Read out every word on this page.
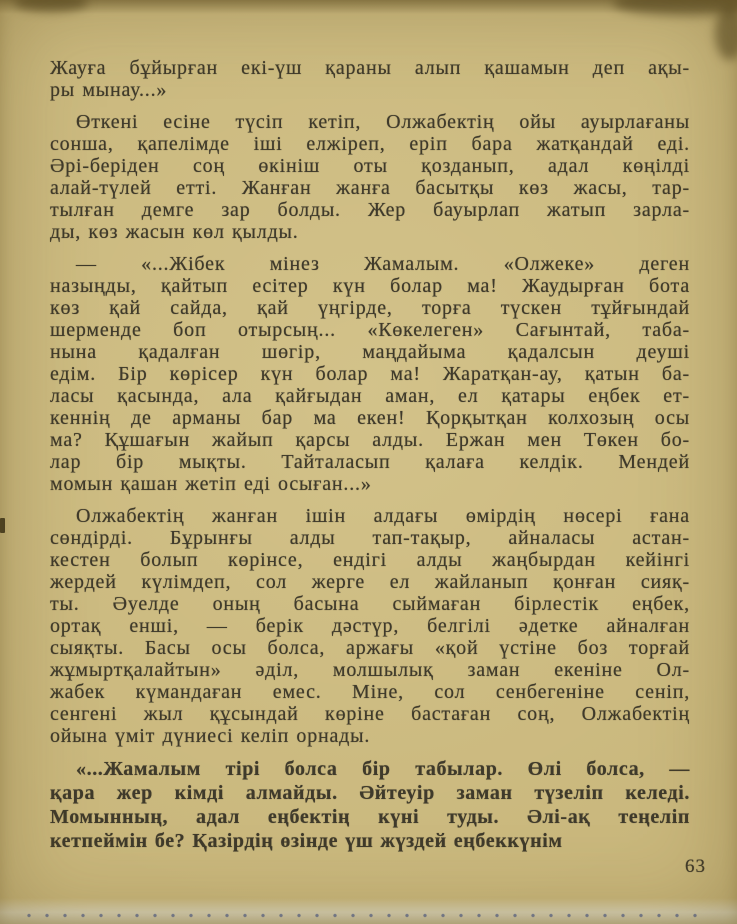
Жауға бұйырған екі-үш қараны алып қашамын деп ақы-
ры мынау...»

Өткені есіне түсіп кетіп, Олжабектің ойы ауырлағаны
сонша, қапелімде іші елжіреп, еріп бара жатқандай еді.
Әрі-беріден соң өкініш оты қозданып, адал көңілді
алай-түлей етті. Жанған жанға басытқы көз жасы, тар-
тылған демге зар болды. Жер бауырлап жатып зарла-
ды, көз жасын көл қылды.

— «...Жібек мінез Жамалым. «Олжеке» деген
назыңды, қайтып есітер күн болар ма! Жаудырған бота
көз қай сайда, қай үңгірде, торға түскен тұйғындай
шерменде боп отырсың... «Көкелеген» Сағынтай, таба-
нына қадалған шөгір, маңдайыма қадалсын деуші
едім. Бір көрісер күн болар ма! Жаратқан-ау, қатын ба-
ласы қасында, ала қайғыдан аман, ел қатары еңбек ет-
кеннің де арманы бар ма екен! Қорқытқан колхозың осы
ма? Құшағын жайып қарсы алды. Ержан мен Төкен бо-
лар бір мықты. Тайталасып қалаға келдік. Мендей
момын қашан жетіп еді осыған...»

Олжабектің жанған ішін алдағы өмірдің нөсері ғана
сөндірді. Бұрынғы алды тап-тақыр, айналасы астан-
кестен болып көрінсе, ендігі алды жаңбырдан кейінгі
жердей күлімдеп, сол жерге ел жайланып қонған сияқ-
ты. Әуелде оның басына сыймаған бірлестік еңбек,
ортақ енші, — берік дәстүр, белгілі әдетке айналған
сыяқты. Басы осы болса, аржағы «қой үстіне боз торғай
жұмыртқалайтын» әділ, молшылық заман екеніне Ол-
жабек күмандаған емес. Міне, сол сенбегеніне сеніп,
сенгені жыл құсындай көріне бастаған соң, Олжабектің
ойына үміт дүниесі келіп орнады.

«...Жамалым тірі болса бір табылар. Өлі болса, —
қара жер кімді алмайды. Әйтеуір заман түзеліп келеді.
Момынның, адал еңбектің күні туды. Әлі-ақ теңеліп
кетпеймін бе? Қазірдің өзінде үш жүздей еңбеккүнім

63
